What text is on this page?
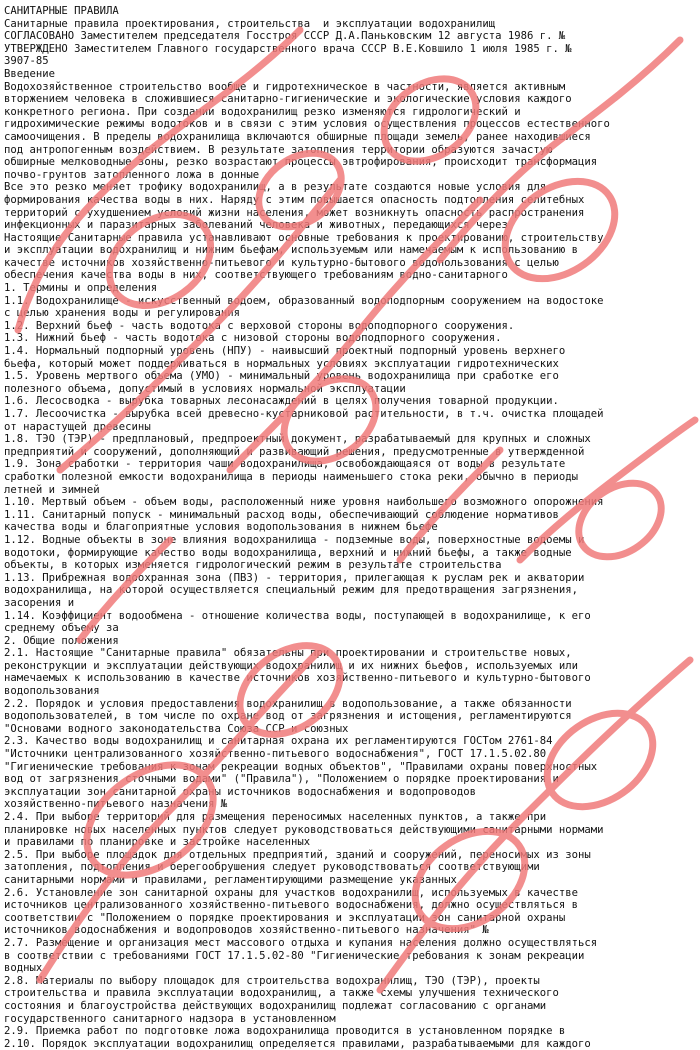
САНИТАРНЫЕ ПРАВИЛА
Санитарные правила проектирования, строительства  и эксплуатации водохранилищ
СОГЛАСОВАНО Заместителем председателя Госстроя СССР Д.А.Паньковским 12 августа 1986 г. №
УТВЕРЖДЕНО Заместителем Главного государственного врача СССР В.Е.Ковшило 1 июля 1985 г. №
3907-85
Введение
Водохозяйственное строительство вообще и гидротехническое в частности, является активным
вторжением человека в сложившиеся санитарно-гигиенические и экологические условия каждого
конкретного региона. При создании водохранилищ резко изменяются гидрологический и
гидрохимические режимы водотоков и в связи с этим условия осуществления процессов естественного
самоочищения. В пределы водохранилища включаются обширные площади земель, ранее находившиеся
под антропогенным воздействием. В результате затопления территории образуются зачастую
обширные мелководные зоны, резко возрастают процессы эвтрофирования, происходит трансформация
почво-грунтов затопленного ложа в донные
Все это резко меняет трофику водохранилищ, а в результате создаются новые условия для
формирования качества воды в них. Наряду с этим повышается опасность подтопления селитебных
территорий с ухудшением условий жизни населения, может возникнуть опасность распространения
инфекционных и паразитарных заболеваний человека и животных, передающихся через
Настоящие Санитарные правила устанавливают основные требования к проектированию, строительству
и эксплуатации водохранилищ и нижним бьефам, используемым или намечаемым к использованию в
качестве источников хозяйственно-питьевого и культурно-бытового водопользования с целью
обеспечения качества воды в них, соответствующего требованиям водно-санитарного
1. Термины и определения
1.1. Водохранилище - искусственный водоем, образованный водоподпорным сооружением на водостоке
с целью хранения воды и регулирования
1.2. Верхний бьеф - часть водотока с верховой стороны водоподпорного сооружения.
1.3. Нижний бьеф - часть водотока с низовой стороны водоподпорного сооружения.
1.4. Нормальный подпорный уровень (НПУ) - наивысший проектный подпорный уровень верхнего
бьефа, который может поддерживаться в нормальных условиях эксплуатации гидротехнических
1.5. Уровень мертвого объема (УМО) - минимальный уровень водохранилища при сработке его
полезного объема, допустимый в условиях нормальной эксплуатации
1.6. Лесосводка - вырубка товарных лесонасаждений в целях получения товарной продукции.
1.7. Лесоочистка - вырубка всей древесно-кустарниковой растительности, в т.ч. очистка площадей
от нарастущей древесины
1.8. ТЭО (ТЭР) - предплановый, предпроектный документ, разрабатываемый для крупных и сложных
предприятий и сооружений, дополняющий и развивающий решения, предусмотренные в утвержденной
1.9. Зона сработки - территория чаши водохранилища, освобождающаяся от воды в результате
сработки полезной емкости водохранилища в периоды наименьшего стока реки, обычно в периоды
летней и зимней
1.10. Мертвый объем - объем воды, расположенный ниже уровня наибольшего возможного опорожнения
1.11. Санитарный попуск - минимальный расход воды, обеспечивающий соблюдение нормативов
качества воды и благоприятные условия водопользования в нижнем бьефе
1.12. Водные объекты в зоне влияния водохранилища - подземные воды, поверхностные водоемы и
водотоки, формирующие качество воды водохранилища, верхний и нижний бьефы, а также водные
объекты, в которых изменяется гидрологический режим в результате строительства
1.13. Прибрежная водоохранная зона (ПВЗ) - территория, прилегающая к руслам рек и акватории
водохранилища, на которой осуществляется специальный режим для предотвращения загрязнения,
засорения и
1.14. Коэффициент водообмена - отношение количества воды, поступающей в водохранилище, к его
среднему объему за
2. Общие положения
2.1. Настоящие "Санитарные правила" обязательны при проектировании и строительстве новых,
реконструкции и эксплуатации действующих водохранилищ и их нижних бьефов, используемых или
намечаемых к использованию в качестве источников хозяйственно-питьевого и культурно-бытового
водопользования
2.2. Порядок и условия предоставления водохранилищ в водопользование, а также обязанности
водопользователей, в том числе по охране вод от загрязнения и истощения, регламентируются
"Основами водного законодательства Союза ССР и союзных
2.3. Качество воды водохранилищ и санитарная охрана их регламентируются ГОСТом 2761-84
"Источники централизованного хозяйственно-питьевого водоснабжения", ГОСТ 17.1.5.02.80
"Гигиенические требования к зонам рекреации водных объектов", "Правилами охраны поверхностных
вод от загрязнения сточными водами" ("Правила"), "Положением о порядке проектирования и
эксплуатации зон санитарной охраны источников водоснабжения и водопроводов
хозяйственно-питьевого назначения №
2.4. При выборе территорий для размещения переносимых населенных пунктов, а также при
планировке новых населенных пунктов следует руководствоваться действующими санитарными нормами
и правилами по планировке и застройке населенных
2.5. При выборе площадок для отдельных предприятий, зданий и сооружений, переносимых из зоны
затопления, подтопления и берегообрушения следует руководствоваться соответствующими
санитарными нормами и правилами, регламентирующими размещение указанных
2.6. Установление зон санитарной охраны для участков водохранилищ, используемых в качестве
источников централизованного хозяйственно-питьевого водоснабжения, должно осуществляться в
соответствии с "Положением о порядке проектирования и эксплуатации зон санитарной охраны
источников водоснабжения и водопроводов хозяйственно-питьевого назначения" №
2.7. Размещение и организация мест массового отдыха и купания населения должно осуществляться
в соответствии с требованиями ГОСТ 17.1.5.02-80 "Гигиенические требования к зонам рекреации
водных
2.8. Материалы по выбору площадок для строительства водохранилищ, ТЭО (ТЭР), проекты
строительства и правила эксплуатации водохранилищ, а также схемы улучшения технического
состояния и благоустройства действующих водохранилищ подлежат согласованию с органами
государственного санитарного надзора в установленном
2.9. Приемка работ по подготовке ложа водохранилища проводится в установленном порядке в
2.10. Порядок эксплуатации водохранилищ определяется правилами, разрабатываемыми для каждого
